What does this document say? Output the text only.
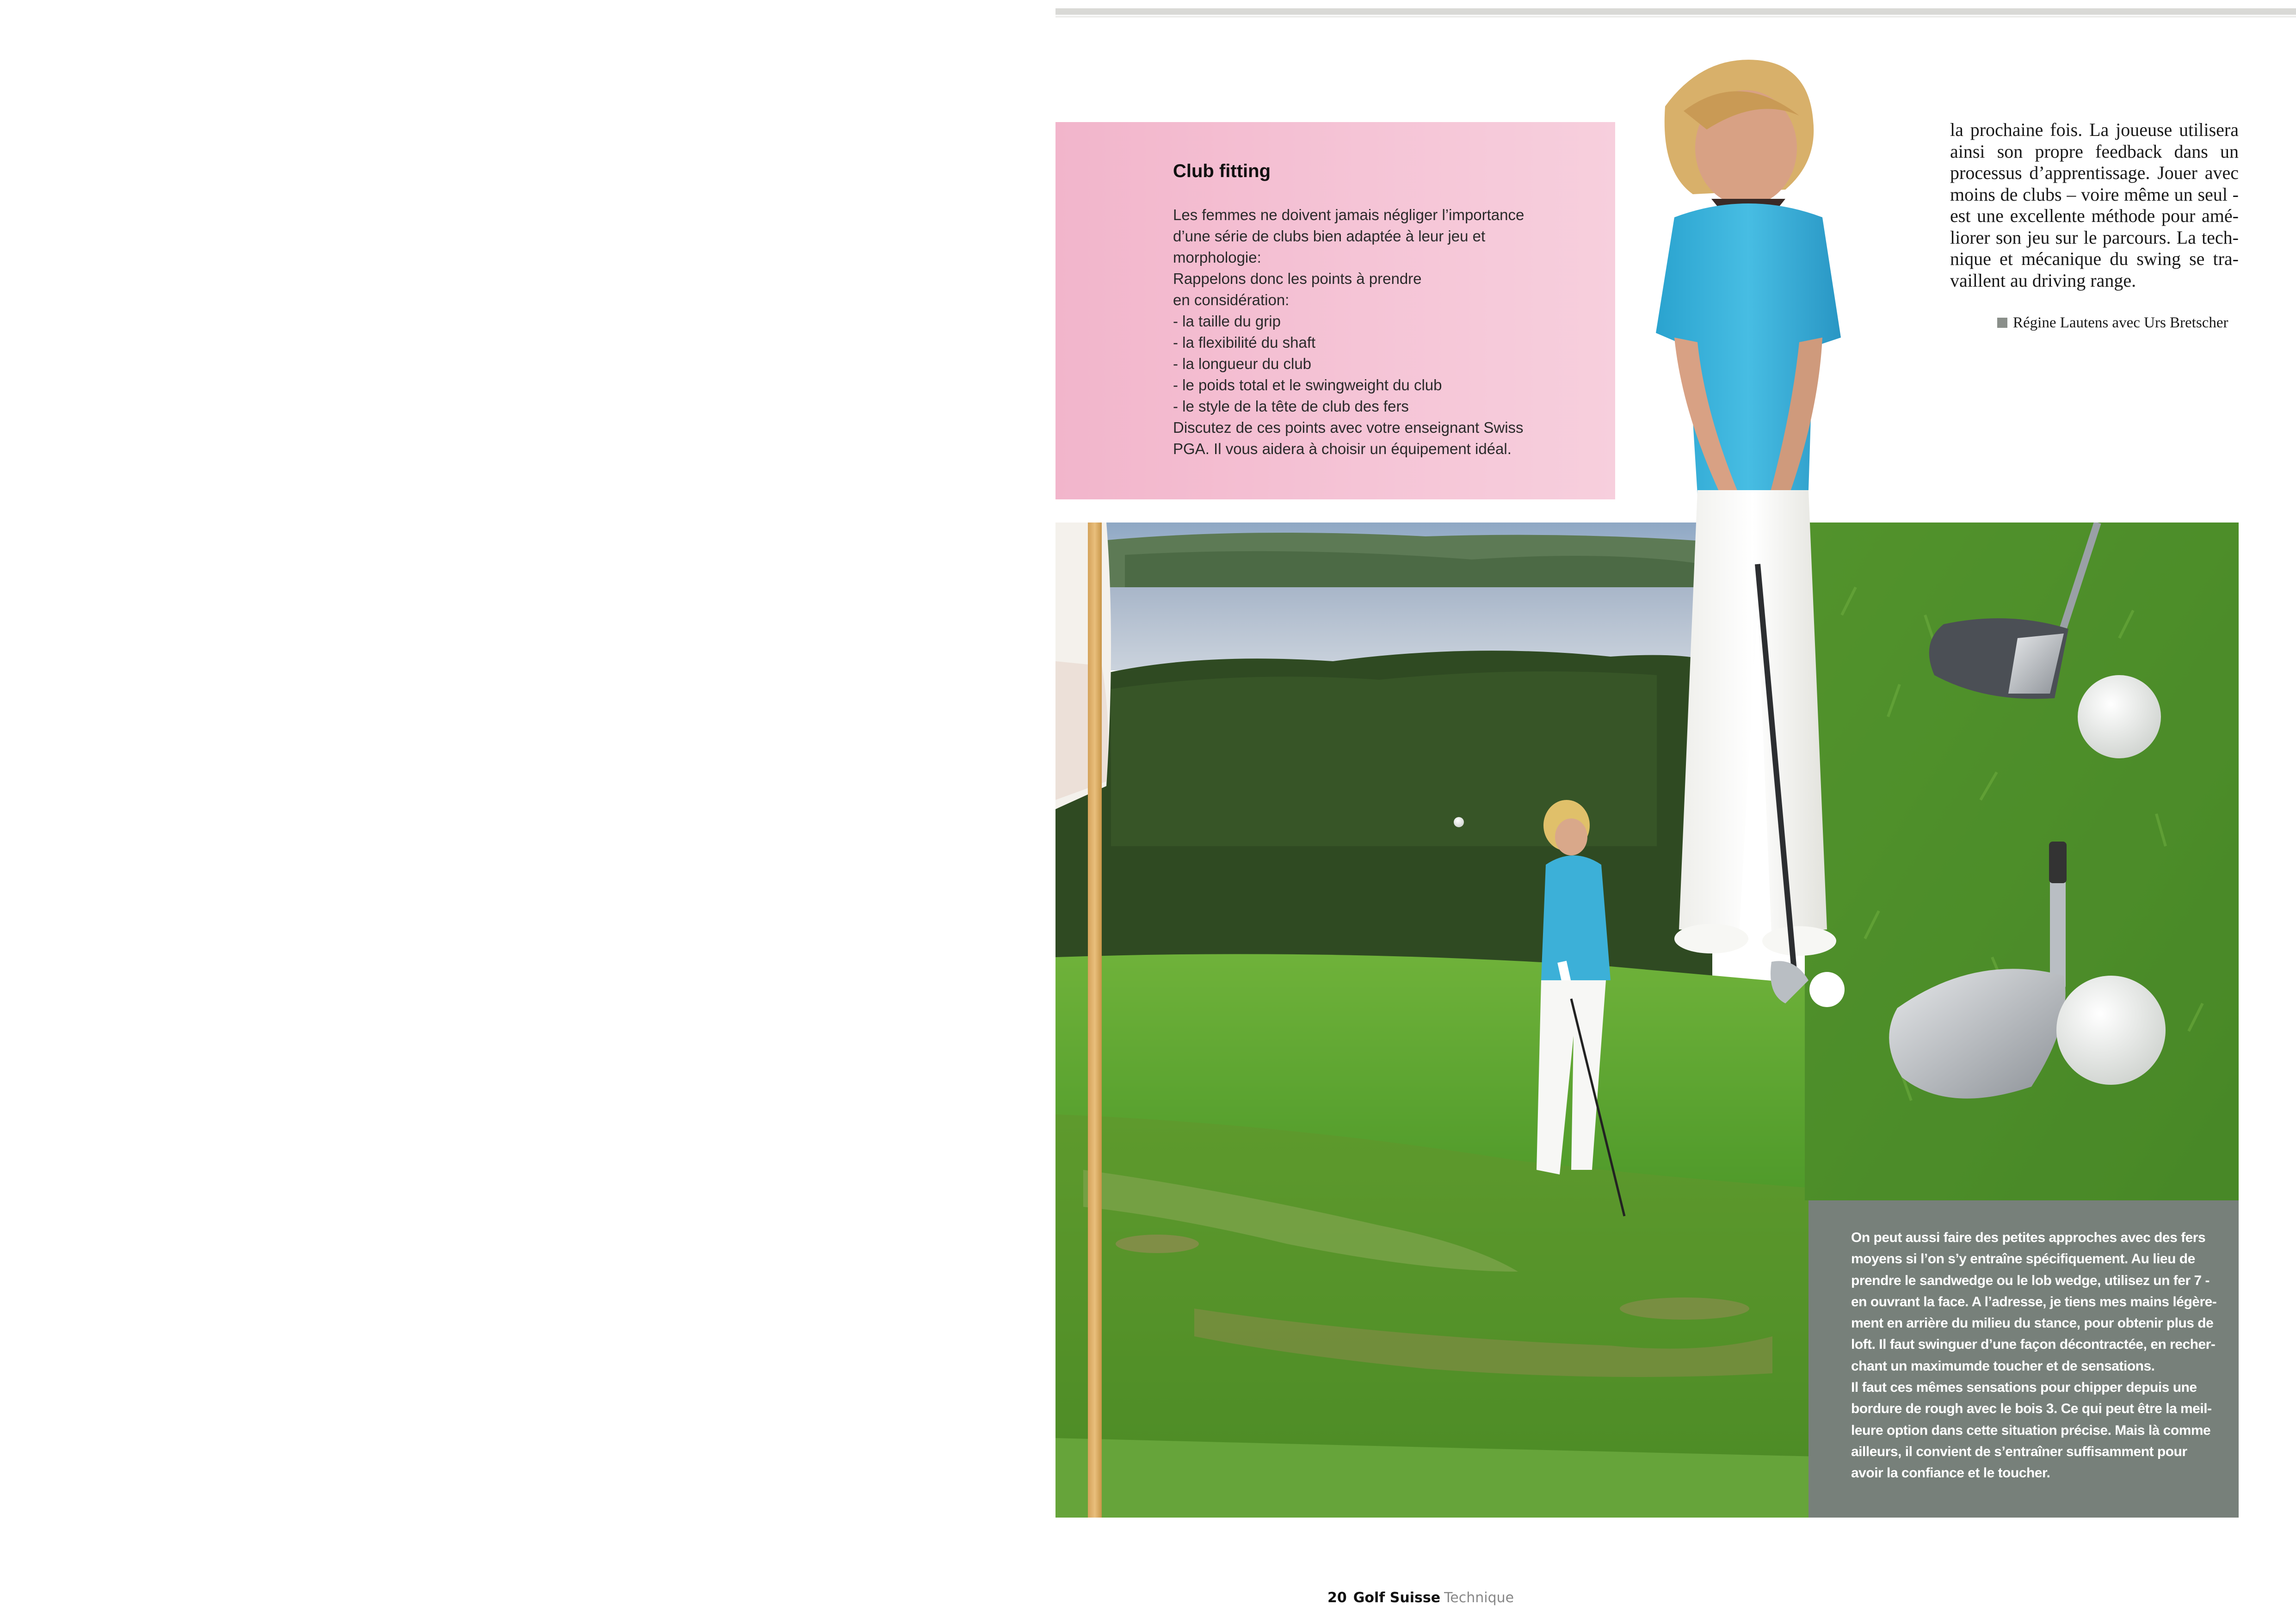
Club fitting
Les femmes ne doivent jamais négliger l’importance
d’une série de clubs bien adaptée à leur jeu et
morphologie:
Rappelons donc les points à prendre
en considération:
- la taille du grip
- la flexibilité du shaft
- la longueur du club
- le poids total et le swingweight du club
- le style de la tête de club des fers
Discutez de ces points avec votre enseignant Swiss
PGA. Il vous aidera à choisir un équipement idéal.
la prochaine fois. La joueuse utilisera
ainsi son propre feedback dans un
processus d’apprentissage. Jouer avec
moins de clubs – voire même un seul -
est une excellente méthode pour amé-
liorer son jeu sur le parcours. La tech-
nique et mécanique du swing se tra-
vaillent au driving range.
Régine Lautens avec Urs Bretscher
On peut aussi faire des petites approches avec des fers
moyens si l’on s’y entraîne spécifiquement. Au lieu de
prendre le sandwedge ou le lob wedge, utilisez un fer 7 -
en ouvrant la face. A l’adresse, je tiens mes mains légère-
ment en arrière du milieu du stance, pour obtenir plus de
loft. Il faut swinguer d’une façon décontractée, en recher-
chant un maximumde toucher et de sensations.
Il faut ces mêmes sensations pour chipper depuis une
bordure de rough avec le bois 3. Ce qui peut être la meil-
leure option dans cette situation précise. Mais là comme
ailleurs, il convient de s’entraîner suffisamment pour
avoir la confiance et le toucher.
20 Golf Suisse Technique
